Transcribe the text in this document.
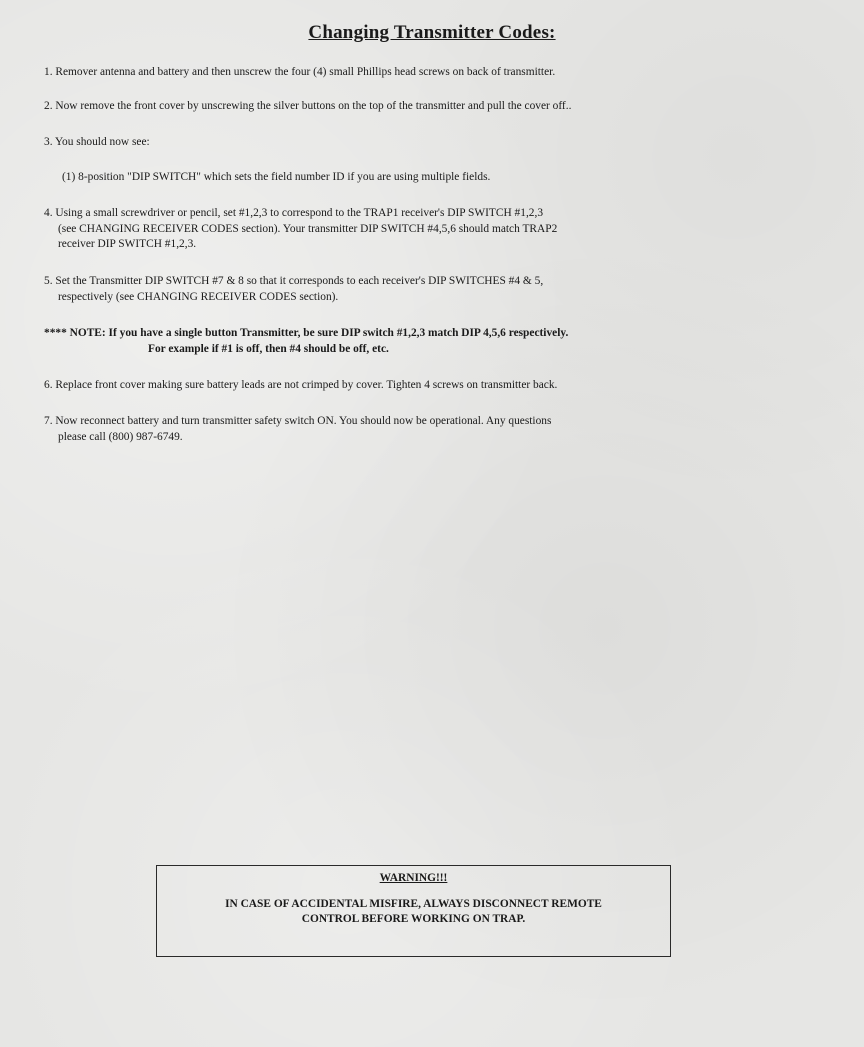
Changing Transmitter Codes:
1. Remover antenna and battery and then unscrew the four (4) small Phillips head screws on back of transmitter.
2. Now remove the front cover by unscrewing the silver buttons on the top of the transmitter and pull the cover off..
3. You should now see:
(1) 8-position "DIP SWITCH" which sets the field number ID if you are using multiple fields.
4. Using a small screwdriver or pencil, set #1,2,3 to correspond to the TRAP1 receiver's DIP SWITCH #1,2,3
(see CHANGING RECEIVER CODES section). Your transmitter DIP SWITCH #4,5,6 should match TRAP2
receiver DIP SWITCH #1,2,3.
5. Set the Transmitter DIP SWITCH #7 & 8 so that it corresponds to each receiver's DIP SWITCHES #4 & 5,
respectively (see CHANGING RECEIVER CODES section).
**** NOTE: If you have a single button Transmitter, be sure DIP switch #1,2,3 match DIP 4,5,6 respectively.
For example if #1 is off, then #4 should be off, etc.
6. Replace front cover making sure battery leads are not crimped by cover. Tighten 4 screws on transmitter back.
7. Now reconnect battery and turn transmitter safety switch ON. You should now be operational. Any questions
please call (800) 987-6749.
WARNING!!!
IN CASE OF ACCIDENTAL MISFIRE, ALWAYS DISCONNECT REMOTE
CONTROL BEFORE WORKING ON TRAP.
